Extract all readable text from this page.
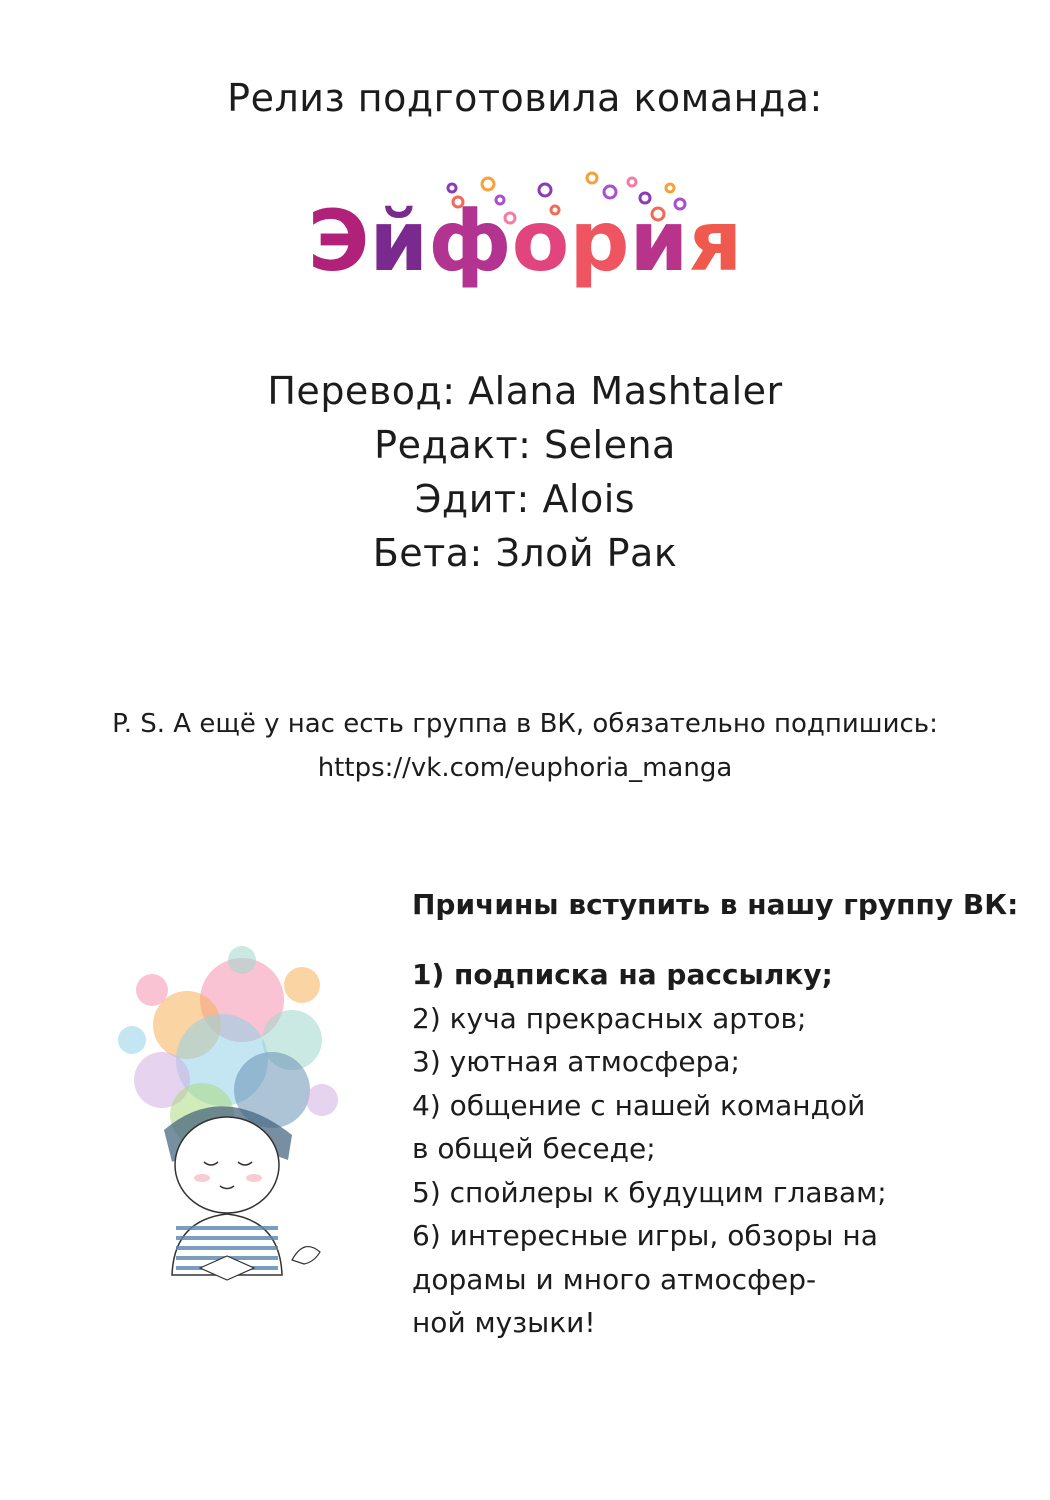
Релиз подготовила команда:
Эйфория
Перевод: Alana Mashtaler
Редакт: Selena
Эдит: Alois
Бета: Злой Рак
P. S. А ещё у нас есть группа в ВК, обязательно подпишись:
https://vk.com/euphoria_manga
Причины вступить в нашу группу ВК:
1) подписка на рассылку;
2) куча прекрасных артов;
3) уютная атмосфера;
4) общение с нашей командой
в общей беседе;
5) спойлеры к будущим главам;
6) интересные игры, обзоры на
дорамы и много атмосфер-
ной музыки!
